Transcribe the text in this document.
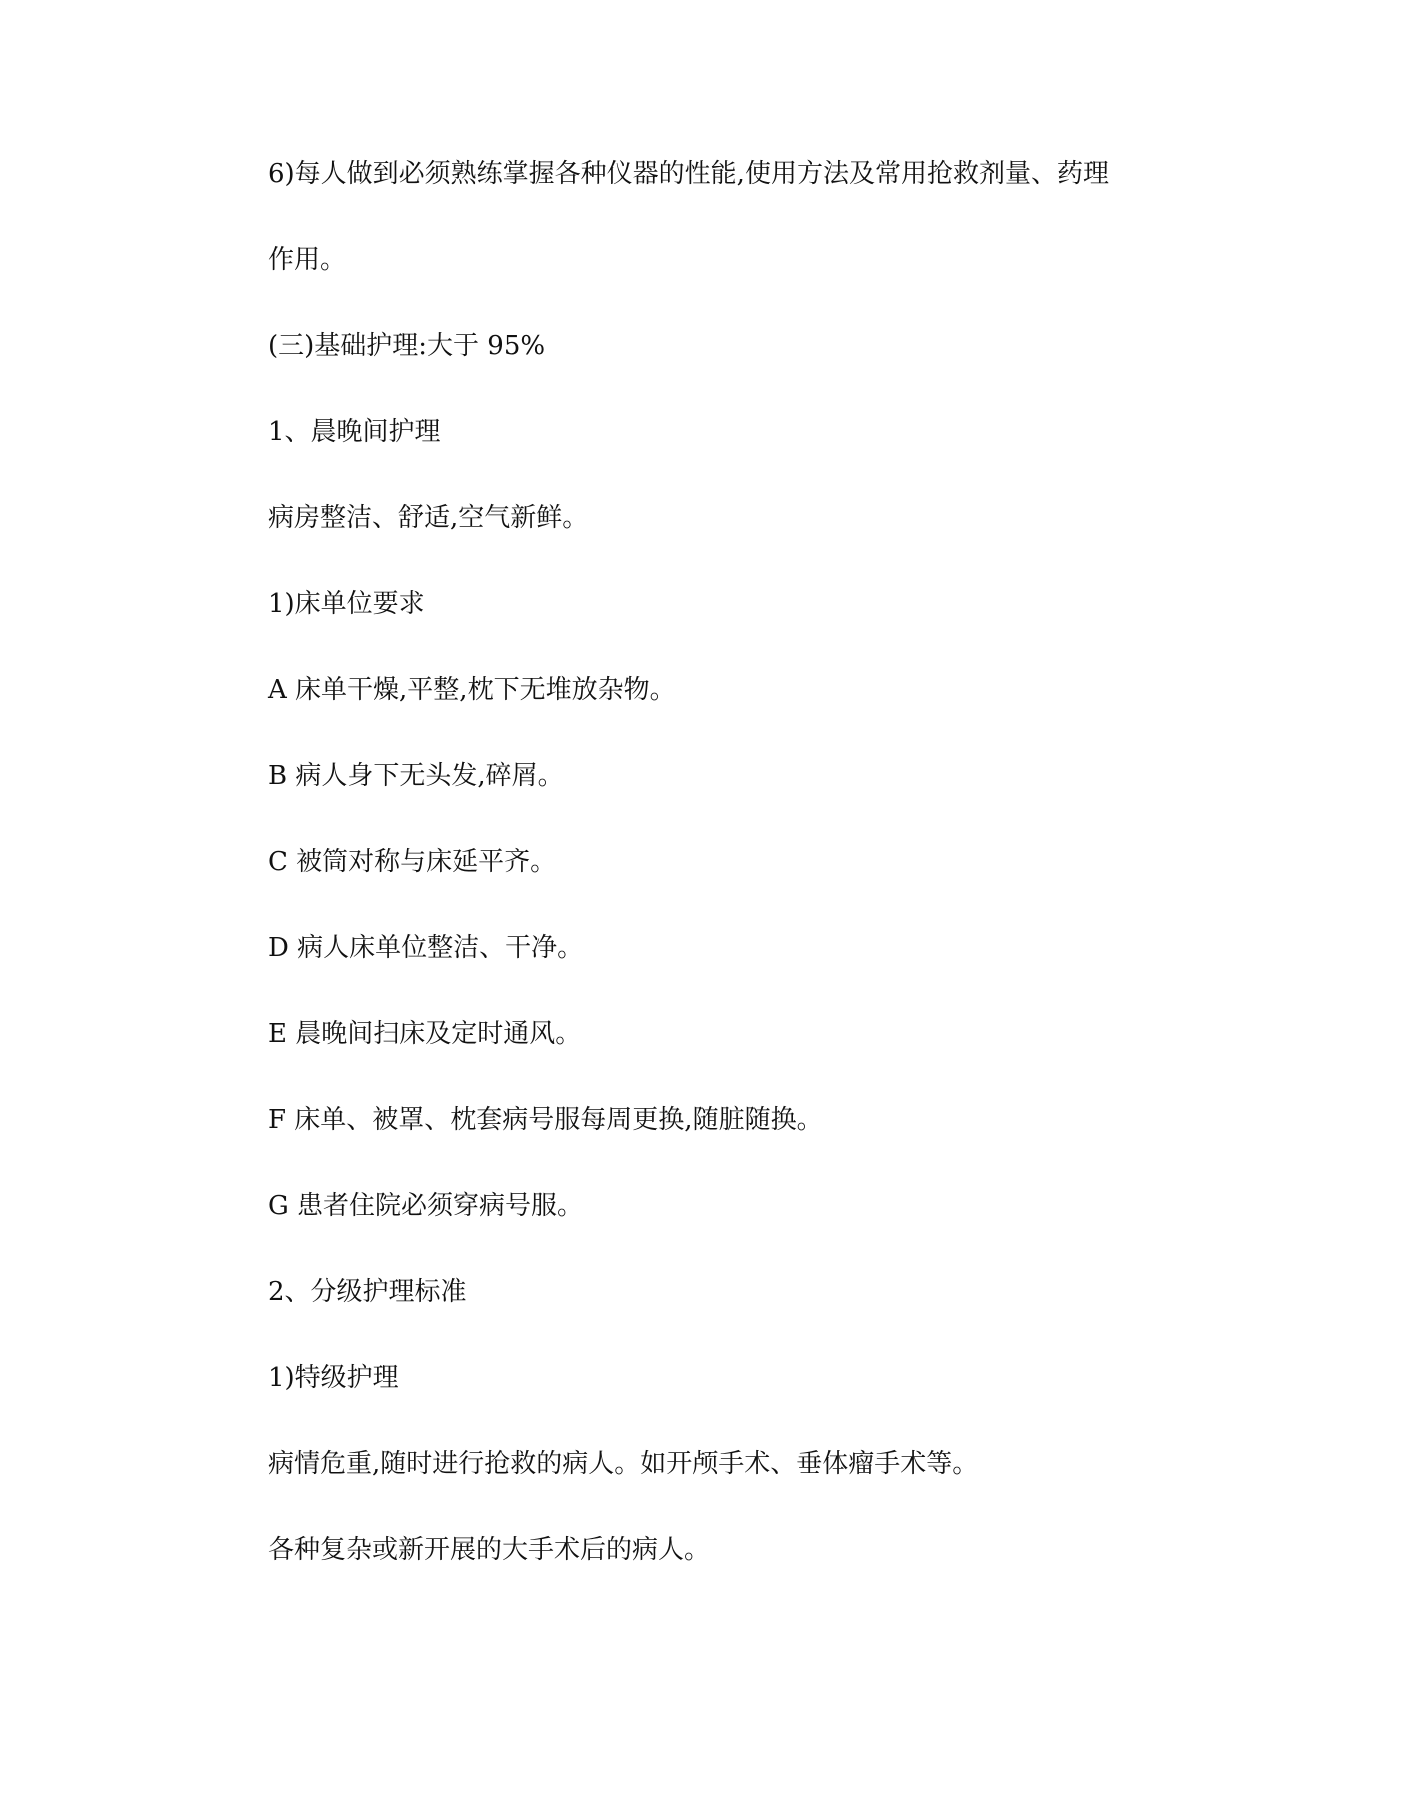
6)每人做到必须熟练掌握各种仪器的性能,使用方法及常用抢救剂量、药理

作用。

(三)基础护理:大于 95%

1、晨晚间护理

病房整洁、舒适,空气新鲜。

1)床单位要求

A 床单干燥,平整,枕下无堆放杂物。

B 病人身下无头发,碎屑。

C 被筒对称与床延平齐。

D 病人床单位整洁、干净。

E 晨晚间扫床及定时通风。

F 床单、被罩、枕套病号服每周更换,随脏随换。

G 患者住院必须穿病号服。

2、分级护理标准

1)特级护理

病情危重,随时进行抢救的病人。如开颅手术、垂体瘤手术等。

各种复杂或新开展的大手术后的病人。
